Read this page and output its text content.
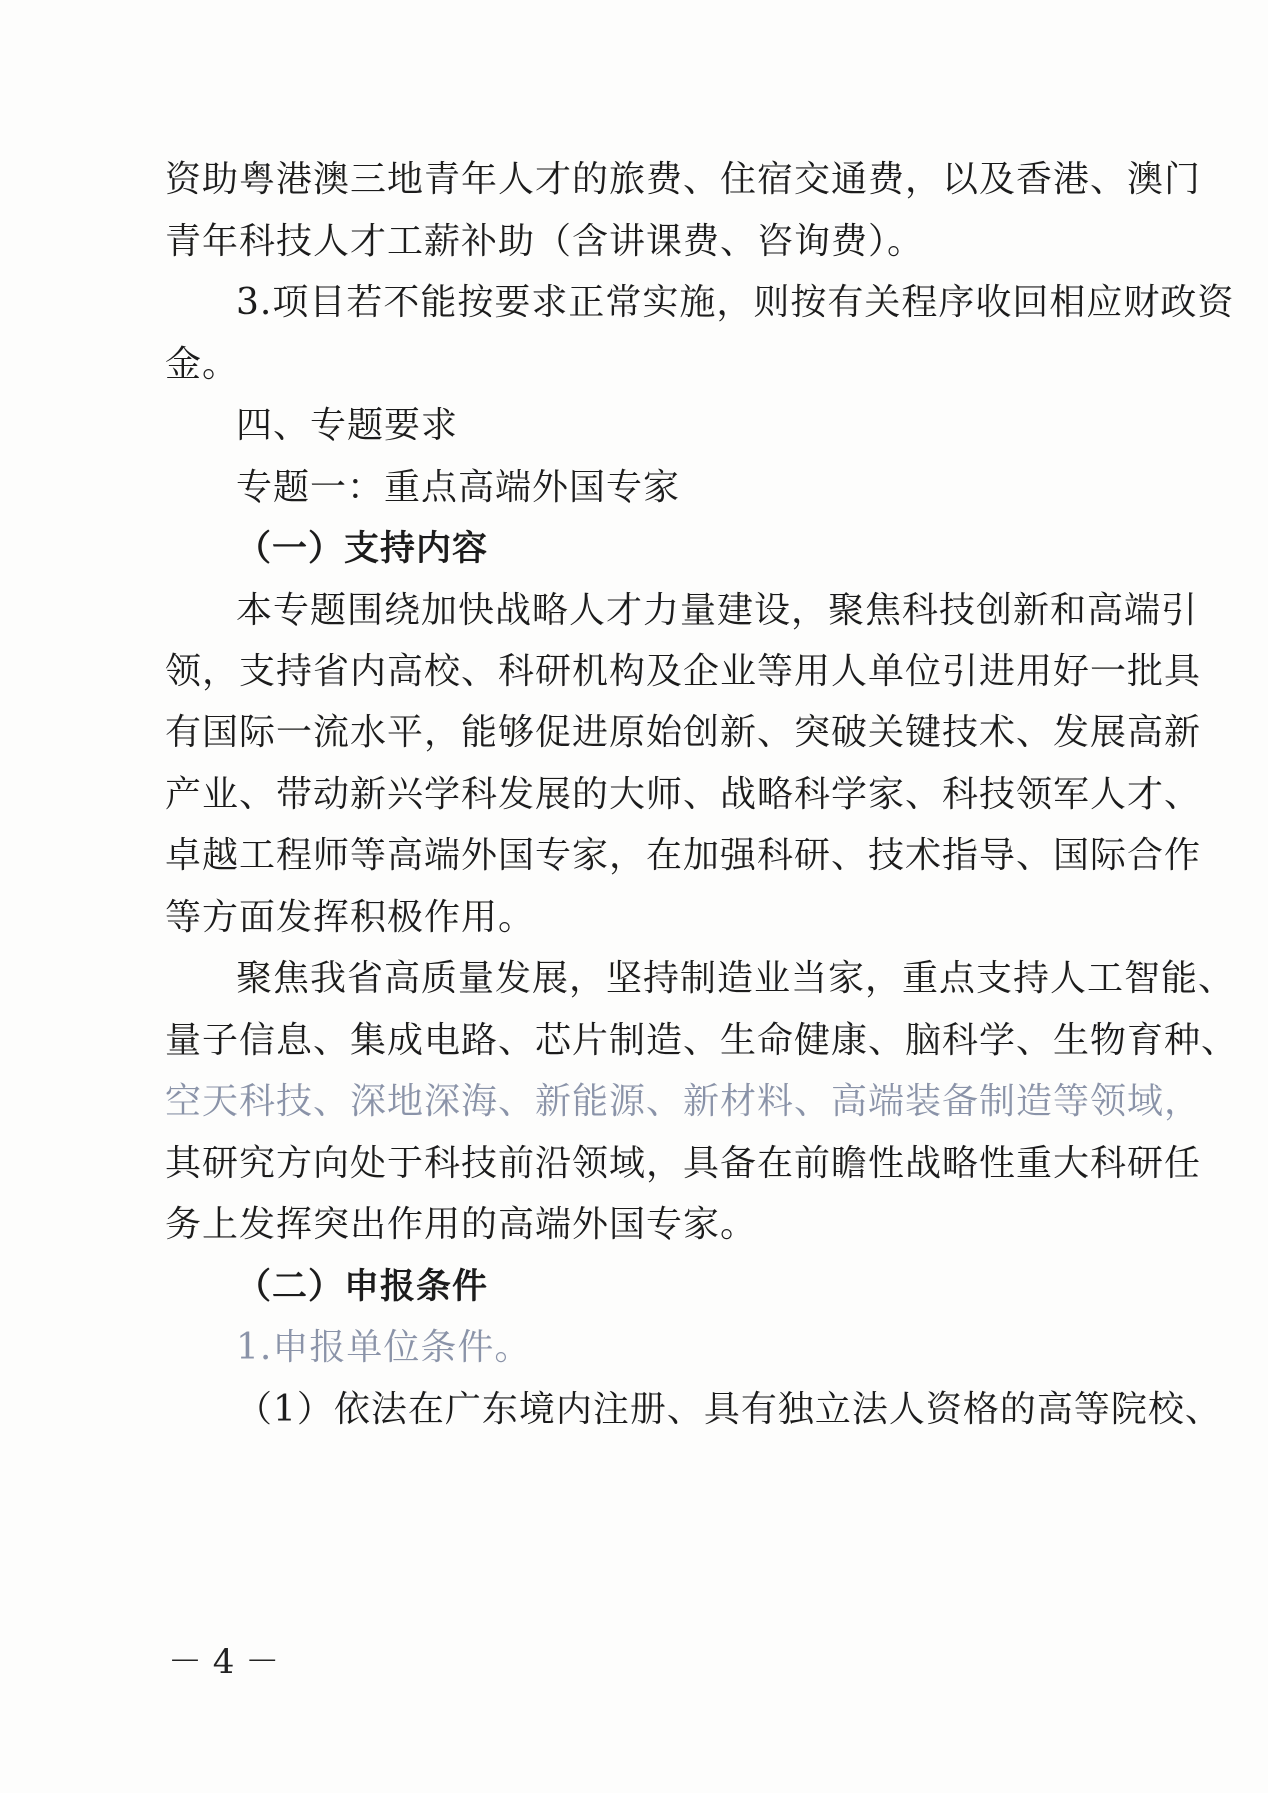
资助粤港澳三地青年人才的旅费、住宿交通费，以及香港、澳门
青年科技人才工薪补助（含讲课费、咨询费）。
3.项目若不能按要求正常实施，则按有关程序收回相应财政资
金。
四、专题要求
专题一：重点高端外国专家
（一）支持内容
本专题围绕加快战略人才力量建设，聚焦科技创新和高端引
领，支持省内高校、科研机构及企业等用人单位引进用好一批具
有国际一流水平，能够促进原始创新、突破关键技术、发展高新
产业、带动新兴学科发展的大师、战略科学家、科技领军人才、
卓越工程师等高端外国专家，在加强科研、技术指导、国际合作
等方面发挥积极作用。
聚焦我省高质量发展，坚持制造业当家，重点支持人工智能、
量子信息、集成电路、芯片制造、生命健康、脑科学、生物育种、
空天科技、深地深海、新能源、新材料、高端装备制造等领域，
其研究方向处于科技前沿领域，具备在前瞻性战略性重大科研任
务上发挥突出作用的高端外国专家。
（二）申报条件
1.申报单位条件。
（1）依法在广东境内注册、具有独立法人资格的高等院校、
－ 4 －
